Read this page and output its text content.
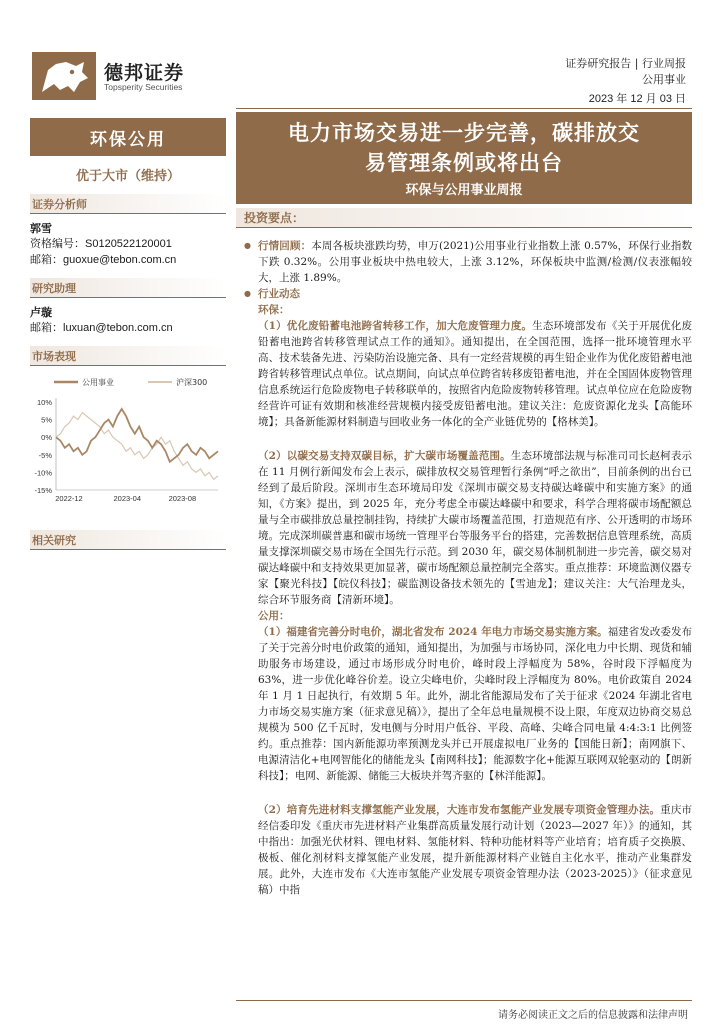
德邦证券
Topsperity Securities
证券研究报告 | 行业周报
公用事业
2023 年 12 月 03 日
环保公用
优于大市（维持）
证券分析师
郭雪
资格编号：S0120522120001
邮箱：guoxue@tebon.com.cn
研究助理
卢璇
邮箱：luxuan@tebon.com.cn
市场表现
公用事业	沪深300
10%
5%
0%
-5%
-10%
-15%
2022-12	2023-04	2023-08
相关研究
电力市场交易进一步完善，碳排放交
易管理条例或将出台
环保与公用事业周报
投资要点：
● 行情回顾：本周各板块涨跌均势，申万(2021)公用事业行业指数上涨 0.57%，环保行业指数下跌 0.32%。公用事业板块中热电较大，上涨 3.12%，环保板块中监测/检测/仪表涨幅较大，上涨 1.89%。
● 行业动态
环保：
（1）优化废铅蓄电池跨省转移工作，加大危废管理力度。生态环境部发布《关于开展优化废铅蓄电池跨省转移管理试点工作的通知》。通知提出，在全国范围，选择一批环境管理水平高、技术装备先进、污染防治设施完备、具有一定经营规模的再生铅企业作为优化废铅蓄电池跨省转移管理试点单位。试点期间，向试点单位跨省转移废铅蓄电池，并在全国固体废物管理信息系统运行危险废物电子转移联单的，按照省内危险废物转移管理。试点单位应在危险废物经营许可证有效期和核准经营规模内接受废铅蓄电池。建议关注：危废资源化龙头【高能环境】；具备新能源材料制造与回收业务一体化的全产业链优势的【格林美】。
（2）以碳交易支持双碳目标，扩大碳市场覆盖范围。生态环境部法规与标准司司长赵柯表示在 11 月例行新闻发布会上表示，碳排放权交易管理暂行条例“呼之欲出”，目前条例的出台已经到了最后阶段。深圳市生态环境局印发《深圳市碳交易支持碳达峰碳中和实施方案》的通知，《方案》提出，到 2025 年，充分考虑全市碳达峰碳中和要求，科学合理将碳市场配额总量与全市碳排放总量控制挂钩，持续扩大碳市场覆盖范围，打造规范有序、公开透明的市场环境。完成深圳碳普惠和碳市场统一管理平台等服务平台的搭建，完善数据信息管理系统，高质量支撑深圳碳交易市场在全国先行示范。到 2030 年，碳交易体制机制进一步完善，碳交易对碳达峰碳中和支持效果更加显著，碳市场配额总量控制完全落实。重点推荐：环境监测仪器专家【聚光科技】【皖仪科技】；碳监测设备技术领先的【雪迪龙】；建议关注：大气治理龙头，综合环节服务商【清新环境】。
公用：
（1）福建省完善分时电价，湖北省发布 2024 年电力市场交易实施方案。福建省发改委发布了关于完善分时电价政策的通知，通知提出，为加强与市场协同，深化电力中长期、现货和辅助服务市场建设，通过市场形成分时电价，峰时段上浮幅度为 58%，谷时段下浮幅度为 63%，进一步优化峰谷价差。设立尖峰电价，尖峰时段上浮幅度为 80%。电价政策自 2024 年 1 月 1 日起执行，有效期 5 年。此外，湖北省能源局发布了关于征求《2024 年湖北省电力市场交易实施方案（征求意见稿）》，提出了全年总电量规模不设上限，年度双边协商交易总规模为 500 亿千瓦时，发电侧与分时用户低谷、平段、高峰、尖峰合同电量 4:4:3:1 比例签约。重点推荐：国内新能源功率预测龙头并已开展虚拟电厂业务的【国能日新】；南网旗下、电源清洁化+电网智能化的储能龙头【南网科技】；能源数字化+能源互联网双轮驱动的【朗新科技】；电网、新能源、储能三大板块并驾齐驱的【林洋能源】。
（2）培育先进材料支撑氢能产业发展，大连市发布氢能产业发展专项资金管理办法。重庆市经信委印发《重庆市先进材料产业集群高质量发展行动计划（2023—2027 年）》的通知，其中指出：加强光伏材料、锂电材料、氢能材料、特种功能材料等产业培育；培育质子交换膜、极板、催化剂材料支撑氢能产业发展，提升新能源材料产业链自主化水平，推动产业集群发展。此外，大连市发布《大连市氢能产业发展专项资金管理办法（2023-2025）》（征求意见稿）中指
请务必阅读正文之后的信息披露和法律声明
